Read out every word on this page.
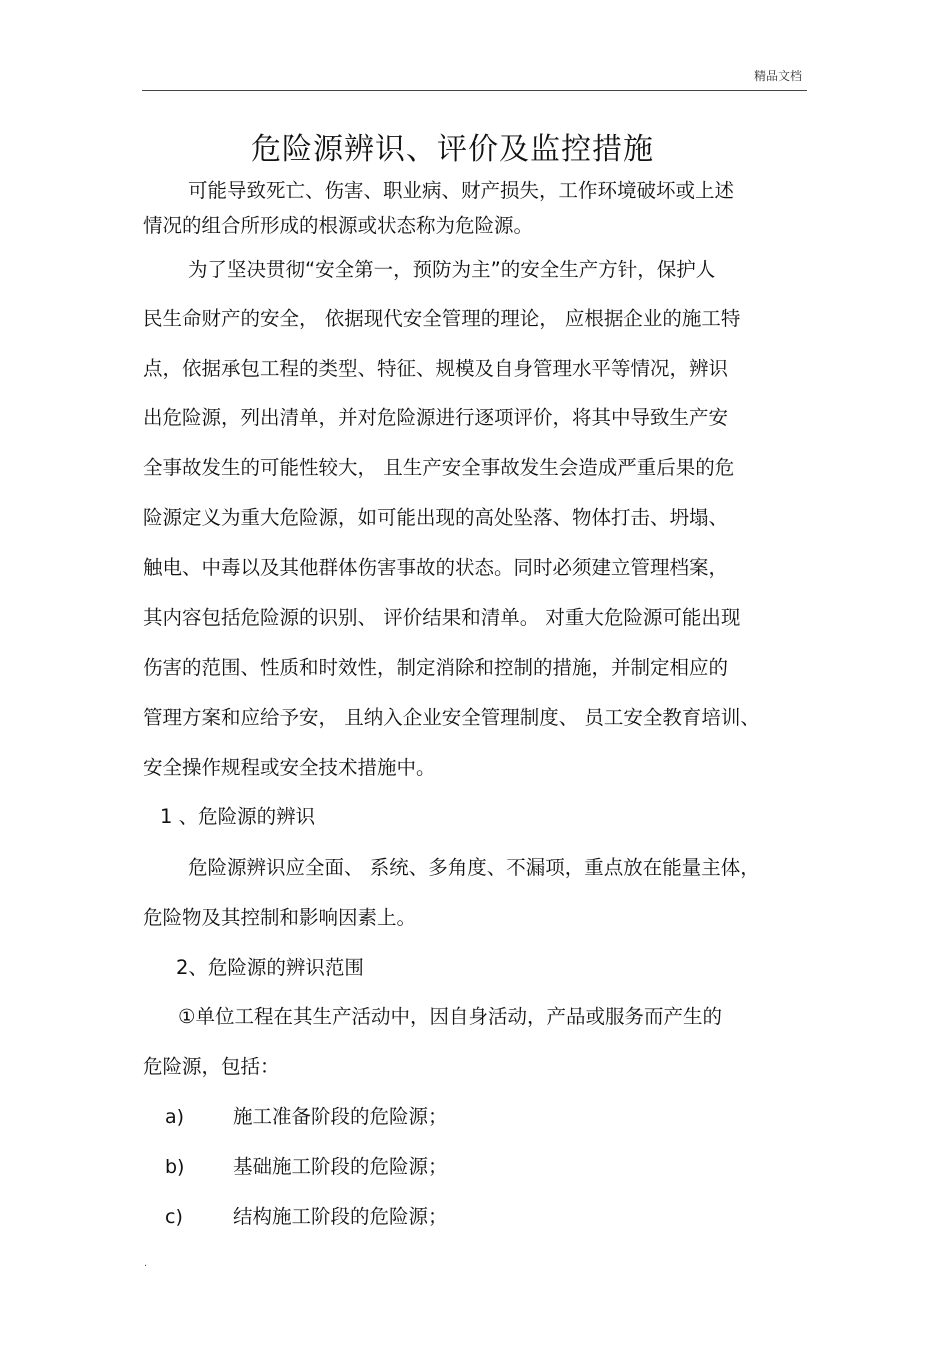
精品文档
危险源辨识、评价及监控措施
可能导致死亡、伤害、职业病、财产损失，工作环境破坏或上述
情况的组合所形成的根源或状态称为危险源。
为了坚决贯彻“安全第一，预防为主”的安全生产方针，保护人
民生命财产的安全， 依据现代安全管理的理论， 应根据企业的施工特
点，依据承包工程的类型、特征、规模及自身管理水平等情况，辨识
出危险源，列出清单，并对危险源进行逐项评价，将其中导致生产安
全事故发生的可能性较大， 且生产安全事故发生会造成严重后果的危
险源定义为重大危险源，如可能出现的高处坠落、物体打击、坍塌、
触电、中毒以及其他群体伤害事故的状态。同时必须建立管理档案，
其内容包括危险源的识别、 评价结果和清单。 对重大危险源可能出现
伤害的范围、性质和时效性，制定消除和控制的措施，并制定相应的
管理方案和应给予安， 且纳入企业安全管理制度、 员工安全教育培训、
安全操作规程或安全技术措施中。
1 、危险源的辨识
危险源辨识应全面、 系统、多角度、不漏项，重点放在能量主体，
危险物及其控制和影响因素上。
2、危险源的辨识范围
①单位工程在其生产活动中，因自身活动，产品或服务而产生的
危险源，包括：
a)	施工准备阶段的危险源；
b) 基础施工阶段的危险源；
c)	结构施工阶段的危险源；
.
